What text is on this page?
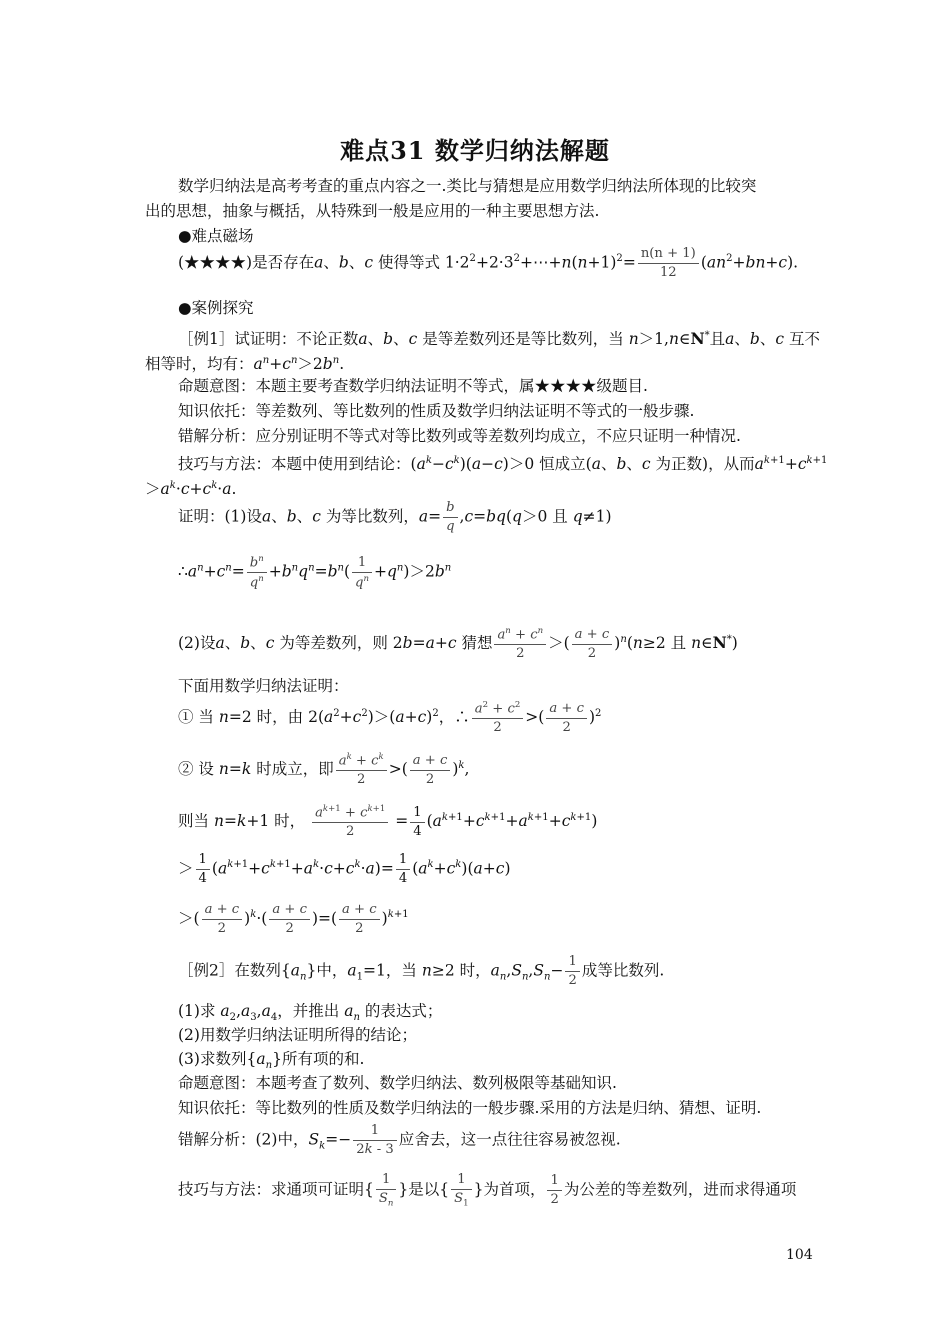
难点31 数学归纳法解题
数学归纳法是高考考查的重点内容之一.类比与猜想是应用数学归纳法所体现的比较突
出的思想，抽象与概括，从特殊到一般是应用的一种主要思想方法.
●难点磁场
(★★★★)是否存在a、b、c 使得等式 $1\cdot 2^2+2\cdot 3^2+\cdots+n(n+1)^2= \frac{n(n + 1)}{12} (an^2+bn+c)$.
●案例探究
［例1］试证明：不论正数a、b、c 是等差数列还是等比数列，当 n＞1,n∈N*且a、b、c 互不
相等时，均有：$a^n+c^n>2b^n$.
命题意图：本题主要考查数学归纳法证明不等式，属★★★★级题目.
知识依托：等差数列、等比数列的性质及数学归纳法证明不等式的一般步骤.
错解分析：应分别证明不等式对等比数列或等差数列均成立，不应只证明一种情况.
技巧与方法：本题中使用到结论：$(a^k-c^k)(a-c)>0$ 恒成立(a、b、c 为正数)，从而$a^{k+1}+c^{k+1}$
$>a^k\cdot c+c^k\cdot a$.
证明：(1)设a、b、c 为等比数列，$a= \frac{b}{q} ,c=bq(q>0$ 且 q≠1)
$\therefore a^n+c^n= \frac{b^n}{q^n} +b^nq^n=b^n( \frac{1}{q^n} +q^n)>2b^n$
(2)设a、b、c 为等差数列，则 2b=a+c 猜想 $\frac{a^n + c^n}{2}$ ＞( $\frac{a + c}{2} )^n(n\ge 2$ 且 n∈N*)
下面用数学归纳法证明：
① 当 n=2 时，由 $2(a^2+c^2)>(a+c)^2$，∴ $\frac{a^2 + c^2}{2}$ >( $\frac{a + c}{2} )^2$
② 设 n=k 时成立，即 $\frac{a^k + c^k}{2}$ >( $\frac{a + c}{2} )^k$,
则当 n=k+1 时， $\frac{a^{k+1} + c^{k+1}}{2} = \frac{1}{4} (a^{k+1}+c^{k+1}+a^{k+1}+c^{k+1})$
＞ $\frac{1}{4} (a^{k+1}+c^{k+1}+a^k\cdot c+c^k\cdot a)= \frac{1}{4} (a^k+c^k)(a+c)$
＞( $\frac{a + c}{2} )^k\cdot( \frac{a + c}{2}$ )=( $\frac{a + c}{2} )^{k+1}$
［例2］在数列$\{a_n\}$中，$a_1=1$，当 n≥2 时，$a_n,S_n,S_n- \frac{1}{2}$ 成等比数列.
(1)求 $a_2,a_3,a_4$，并推出 $a_n$ 的表达式；
(2)用数学归纳法证明所得的结论；
(3)求数列$\{a_n\}$所有项的和.
命题意图：本题考查了数列、数学归纳法、数列极限等基础知识.
知识依托：等比数列的性质及数学归纳法的一般步骤.采用的方法是归纳、猜想、证明.
错解分析：(2)中，$S_k=- \frac{1}{2k - 3}$ 应舍去，这一点往往容易被忽视.
技巧与方法：求通项可证明{ $\frac{1}{S_n}$ }是以{ $\frac{1}{S_1}$ }为首项， $\frac{1}{2}$ 为公差的等差数列，进而求得通项
104
